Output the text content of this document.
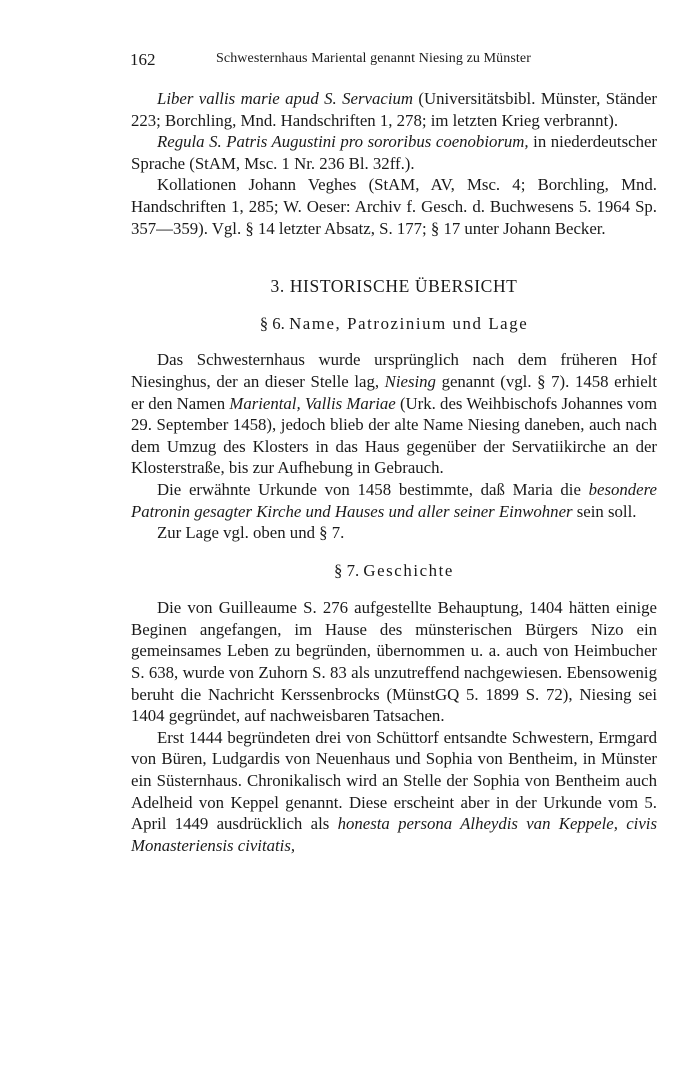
162	Schwesternhaus Mariental genannt Niesing zu Münster

Liber vallis marie apud S. Servacium (Universitätsbibl. Münster, Ständer 223; Borchling, Mnd. Handschriften 1, 278; im letzten Krieg verbrannt).

Regula S. Patris Augustini pro sororibus coenobiorum, in niederdeutscher Sprache (StAM, Msc. 1 Nr. 236 Bl. 32ff.).

Kollationen Johann Veghes (StAM, AV, Msc. 4; Borchling, Mnd. Handschriften 1, 285; W. Oeser: Archiv f. Gesch. d. Buchwesens 5. 1964 Sp. 357—359). Vgl. § 14 letzter Absatz, S. 177; § 17 unter Johann Becker.

3. HISTORISCHE ÜBERSICHT
§ 6. Name, Patrozinium und Lage

Das Schwesternhaus wurde ursprünglich nach dem früheren Hof Niesinghus, der an dieser Stelle lag, Niesing genannt (vgl. § 7). 1458 erhielt er den Namen Mariental, Vallis Mariae (Urk. des Weihbischofs Johannes vom 29. September 1458), jedoch blieb der alte Name Niesing daneben, auch nach dem Umzug des Klosters in das Haus gegenüber der Servatiikirche an der Klosterstraße, bis zur Aufhebung in Gebrauch.

Die erwähnte Urkunde von 1458 bestimmte, daß Maria die besondere Patronin gesagter Kirche und Hauses und aller seiner Einwohner sein soll.

Zur Lage vgl. oben und § 7.

§ 7. Geschichte

Die von Guilleaume S. 276 aufgestellte Behauptung, 1404 hätten einige Beginen angefangen, im Hause des münsterischen Bürgers Nizo ein gemeinsames Leben zu begründen, übernommen u. a. auch von Heimbucher S. 638, wurde von Zuhorn S. 83 als unzutreffend nachgewiesen. Ebensowenig beruht die Nachricht Kerssenbrocks (MünstGQ 5. 1899 S. 72), Niesing sei 1404 gegründet, auf nachweisbaren Tatsachen.

Erst 1444 begründeten drei von Schüttorf entsandte Schwestern, Ermgard von Büren, Ludgardis von Neuenhaus und Sophia von Bentheim, in Münster ein Süsternhaus. Chronikalisch wird an Stelle der Sophia von Bentheim auch Adelheid von Keppel genannt. Diese erscheint aber in der Urkunde vom 5. April 1449 ausdrücklich als honesta persona Alheydis van Keppele, civis Monasteriensis civitatis,
